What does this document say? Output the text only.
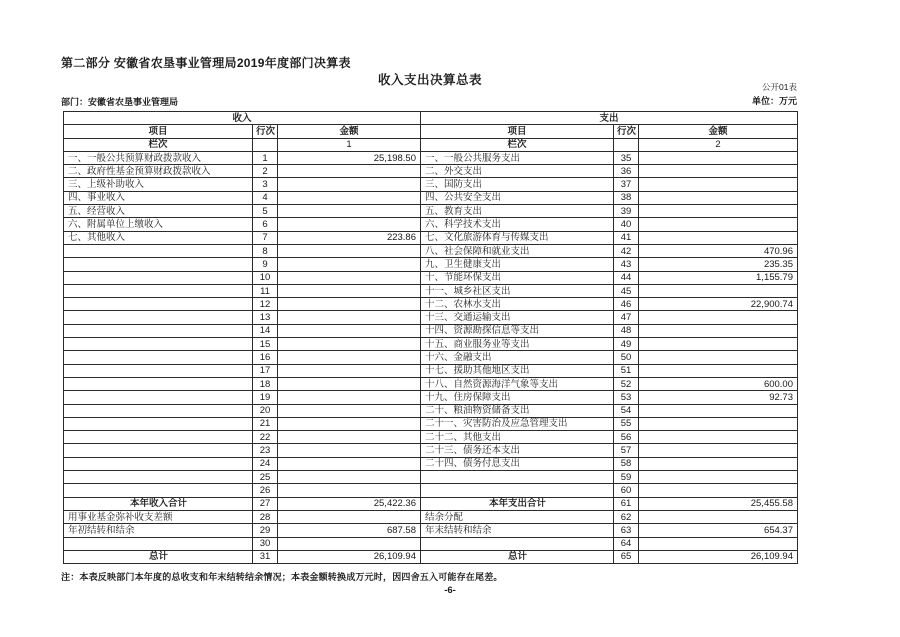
第二部分 安徽省农垦事业管理局2019年度部门决算表
收入支出决算总表	公开01表
部门：安徽省农垦事业管理局	单位：万元
收入			支出		
项目	行次	金额	项目	行次	金额
栏次		1	栏次		2
一、一般公共预算财政拨款收入	1	25,198.50	一、一般公共服务支出	35	
二、政府性基金预算财政拨款收入	2		二、外交支出	36	
三、上级补助收入	3		三、国防支出	37	
四、事业收入	4		四、公共安全支出	38	
五、经营收入	5		五、教育支出	39	
六、附属单位上缴收入	6		六、科学技术支出	40	
七、其他收入	7	223.86	七、文化旅游体育与传媒支出	41	
	8		八、社会保障和就业支出	42	470.96
	9		九、卫生健康支出	43	235.35
	10		十、节能环保支出	44	1,155.79
	11		十一、城乡社区支出	45	
	12		十二、农林水支出	46	22,900.74
	13		十三、交通运输支出	47	
	14		十四、资源勘探信息等支出	48	
	15		十五、商业服务业等支出	49	
	16		十六、金融支出	50	
	17		十七、援助其他地区支出	51	
	18		十八、自然资源海洋气象等支出	52	600.00
	19		十九、住房保障支出	53	92.73
	20		二十、粮油物资储备支出	54	
	21		二十一、灾害防治及应急管理支出	55	
	22		二十二、其他支出	56	
	23		二十三、债务还本支出	57	
	24		二十四、债务付息支出	58	
	25			59	
	26			60	
本年收入合计	27	25,422.36	本年支出合计	61	25,455.58
用事业基金弥补收支差额	28		结余分配	62	
年初结转和结余	29	687.58	年末结转和结余	63	654.37
	30			64	
总计	31	26,109.94	总计	65	26,109.94
注：本表反映部门本年度的总收支和年末结转结余情况；本表金额转换成万元时，因四舍五入可能存在尾差。
-6-
